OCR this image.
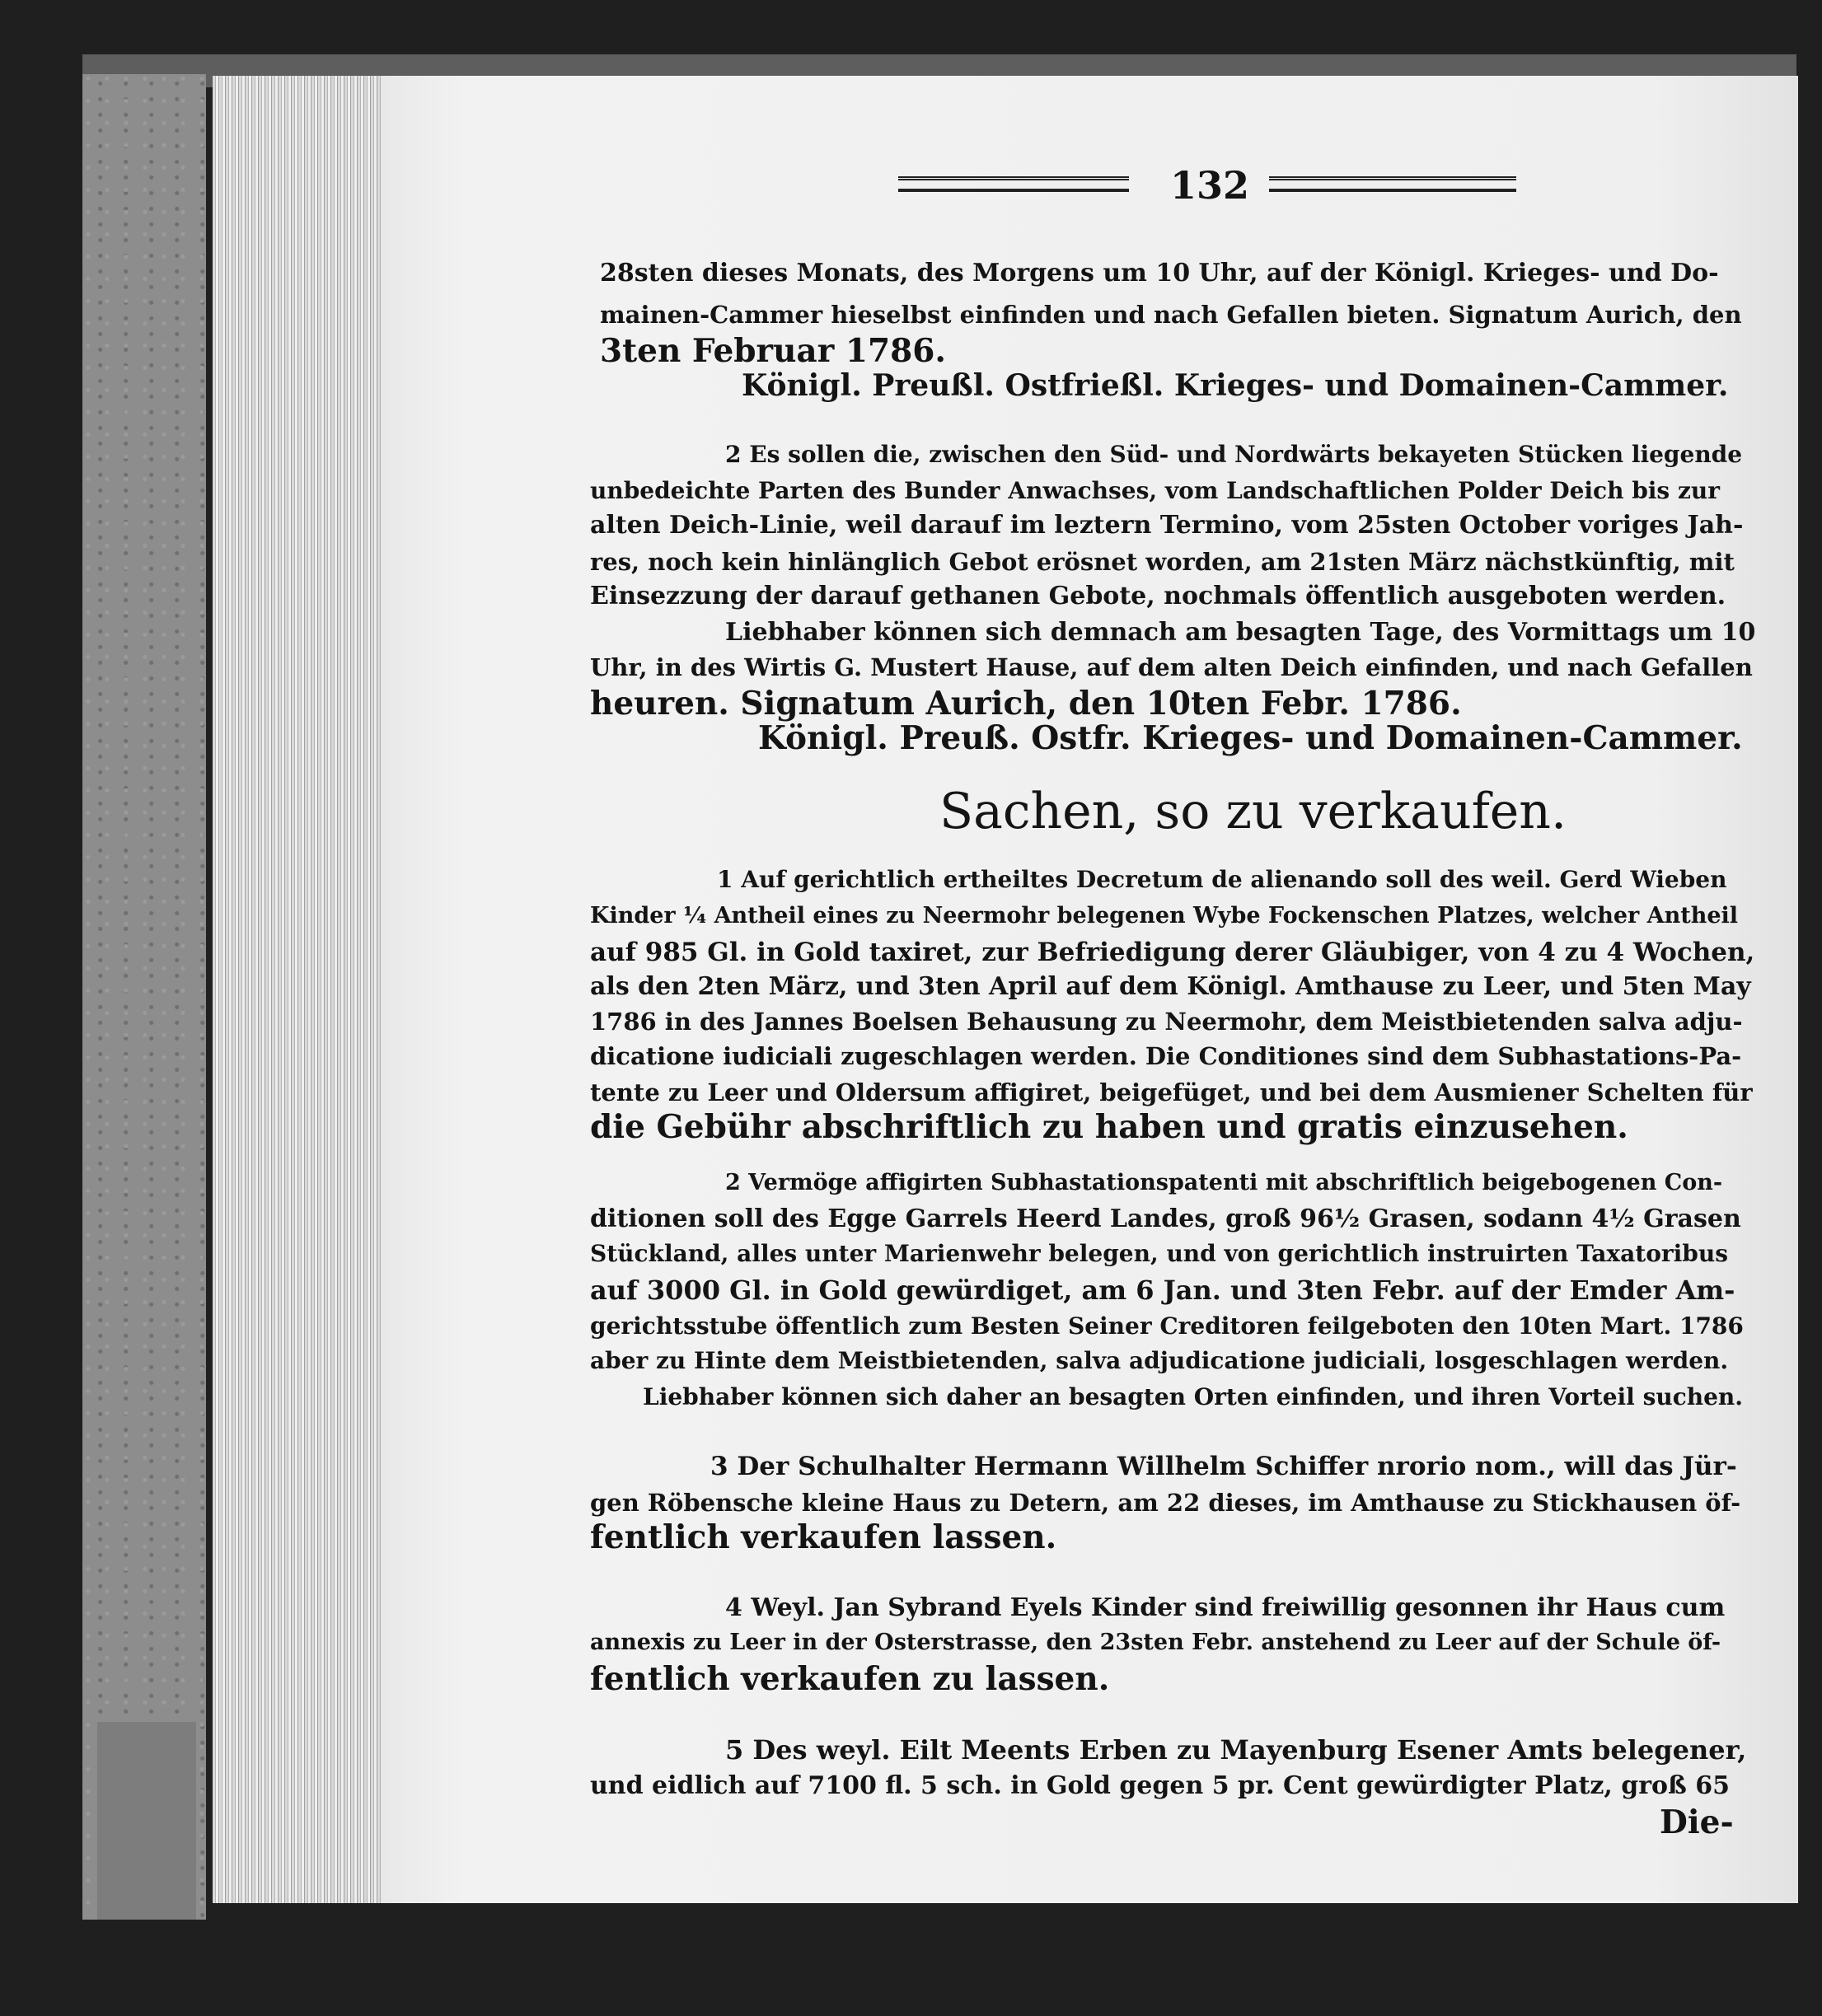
132
28sten dieses Monats, des Morgens um 10 Uhr, auf der Königl. Krieges- und Do-
mainen-Cammer hieselbst einfinden und nach Gefallen bieten. Signatum Aurich, den
3ten Februar 1786.
Königl. Preußl. Ostfrießl. Krieges- und Domainen-Cammer.
2 Es sollen die, zwischen den Süd- und Nordwärts bekayeten Stücken liegende
unbedeichte Parten des Bunder Anwachses, vom Landschaftlichen Polder Deich bis zur
alten Deich-Linie, weil darauf im leztern Termino, vom 25sten October voriges Jah-
res, noch kein hinlänglich Gebot erösnet worden, am 21sten März nächstkünftig, mit
Einsezzung der darauf gethanen Gebote, nochmals öffentlich ausgeboten werden.
Liebhaber können sich demnach am besagten Tage, des Vormittags um 10
Uhr, in des Wirtis G. Mustert Hause, auf dem alten Deich einfinden, und nach Gefallen
heuren. Signatum Aurich, den 10ten Febr. 1786.
Königl. Preuß. Ostfr. Krieges- und Domainen-Cammer.
Sachen, so zu verkaufen.
1 Auf gerichtlich ertheiltes Decretum de alienando soll des weil. Gerd Wieben
Kinder ¼ Antheil eines zu Neermohr belegenen Wybe Fockenschen Platzes, welcher Antheil
auf 985 Gl. in Gold taxiret, zur Befriedigung derer Gläubiger, von 4 zu 4 Wochen,
als den 2ten März, und 3ten April auf dem Königl. Amthause zu Leer, und 5ten May
1786 in des Jannes Boelsen Behausung zu Neermohr, dem Meistbietenden salva adju-
dicatione iudiciali zugeschlagen werden. Die Conditiones sind dem Subhastations-Pa-
tente zu Leer und Oldersum affigiret, beigefüget, und bei dem Ausmiener Schelten für
die Gebühr abschriftlich zu haben und gratis einzusehen.
2 Vermöge affigirten Subhastationspatenti mit abschriftlich beigebogenen Con-
ditionen soll des Egge Garrels Heerd Landes, groß 96½ Grasen, sodann 4½ Grasen
Stückland, alles unter Marienwehr belegen, und von gerichtlich instruirten Taxatoribus
auf 3000 Gl. in Gold gewürdiget, am 6 Jan. und 3ten Febr. auf der Emder Am-
gerichtsstube öffentlich zum Besten Seiner Creditoren feilgeboten den 10ten Mart. 1786
aber zu Hinte dem Meistbietenden, salva adjudicatione judiciali, losgeschlagen werden.
Liebhaber können sich daher an besagten Orten einfinden, und ihren Vorteil suchen.
3 Der Schulhalter Hermann Willhelm Schiffer nrorio nom., will das Jür-
gen Röbensche kleine Haus zu Detern, am 22 dieses, im Amthause zu Stickhausen öf-
fentlich verkaufen lassen.
4 Weyl. Jan Sybrand Eyels Kinder sind freiwillig gesonnen ihr Haus cum
annexis zu Leer in der Osterstrasse, den 23sten Febr. anstehend zu Leer auf der Schule öf-
fentlich verkaufen zu lassen.
5 Des weyl. Eilt Meents Erben zu Mayenburg Esener Amts belegener,
und eidlich auf 7100 fl. 5 sch. in Gold gegen 5 pr. Cent gewürdigter Platz, groß 65
Die-
